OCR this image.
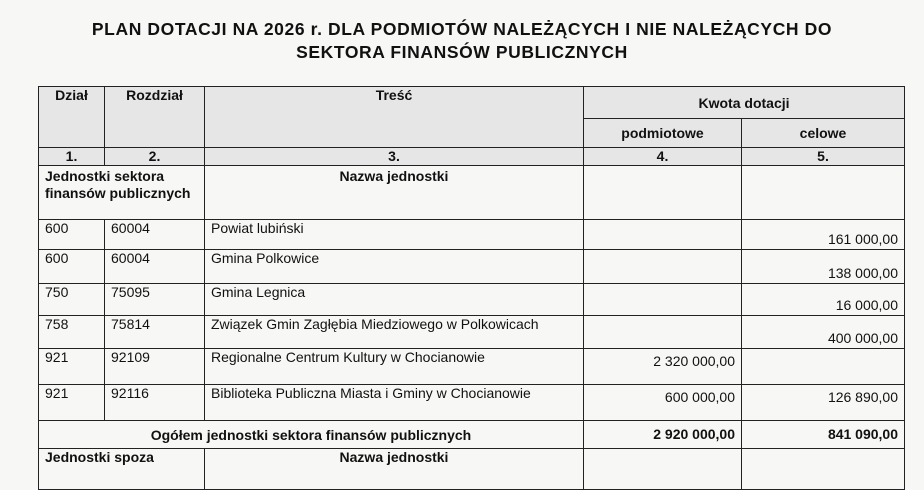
PLAN DOTACJI NA 2026 r. DLA PODMIOTÓW NALEŻĄCYCH I NIE NALEŻĄCYCH DO
SEKTORA FINANSÓW PUBLICZNYCH
Dział	Rozdział	Treść	Kwota dotacji	
			podmiotowe	celowe
1.	2.	3.	4.	5.
Jednostki sektora finansów publicznych		Nazwa jednostki		
600	60004	Powiat lubiński		161 000,00
600	60004	Gmina Polkowice		138 000,00
750	75095	Gmina Legnica		16 000,00
758	75814	Związek Gmin Zagłębia Miedziowego w Polkowicach		400 000,00
921	92109	Regionalne Centrum Kultury w Chocianowie	2 320 000,00	
921	92116	Biblioteka Publiczna Miasta i Gminy w Chocianowie	600 000,00	126 890,00
Ogółem jednostki sektora finansów publicznych			2 920 000,00	841 090,00
Jednostki spoza		Nazwa jednostki		
